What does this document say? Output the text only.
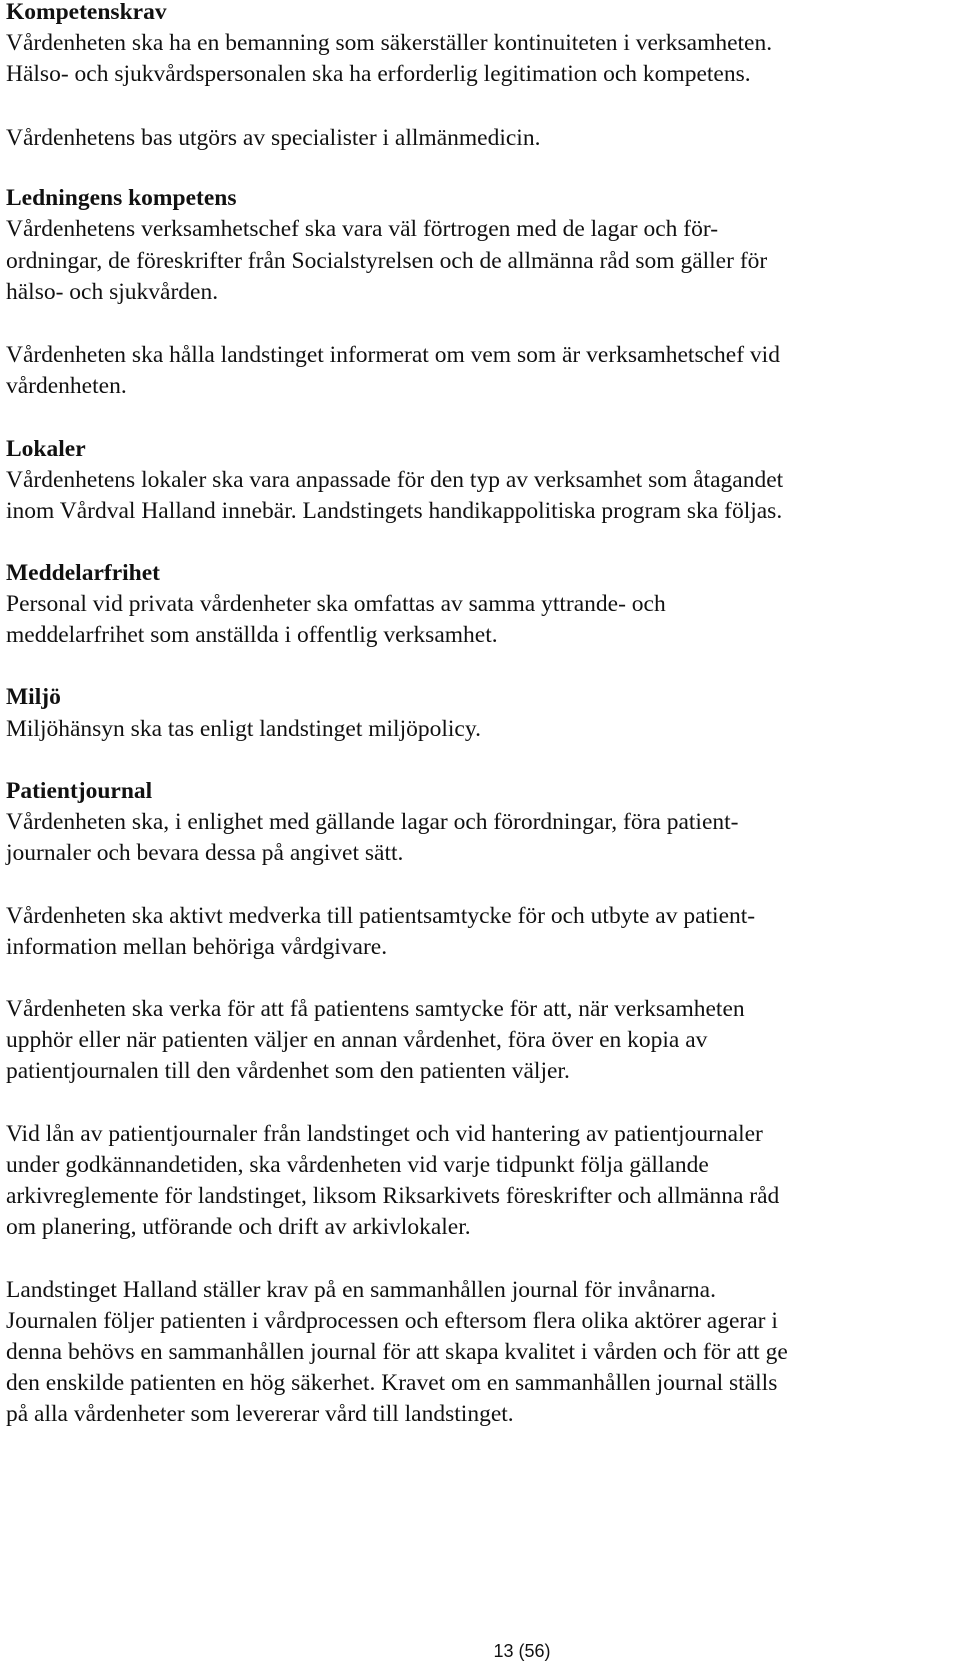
Kompetenskrav
Vårdenheten ska ha en bemanning som säkerställer kontinuiteten i verksamheten.
Hälso- och sjukvårdspersonalen ska ha erforderlig legitimation och kompetens.
Vårdenhetens bas utgörs av specialister i allmänmedicin.
Ledningens kompetens
Vårdenhetens verksamhetschef ska vara väl förtrogen med de lagar och för-
ordningar, de föreskrifter från Socialstyrelsen och de allmänna råd som gäller för
hälso- och sjukvården.
Vårdenheten ska hålla landstinget informerat om vem som är verksamhetschef vid
vårdenheten.
Lokaler
Vårdenhetens lokaler ska vara anpassade för den typ av verksamhet som åtagandet
inom Vårdval Halland innebär. Landstingets handikappolitiska program ska följas.
Meddelarfrihet
Personal vid privata vårdenheter ska omfattas av samma yttrande- och
meddelarfrihet som anställda i offentlig verksamhet.
Miljö
Miljöhänsyn ska tas enligt landstinget miljöpolicy.
Patientjournal
Vårdenheten ska, i enlighet med gällande lagar och förordningar, föra patient-
journaler och bevara dessa på angivet sätt.
Vårdenheten ska aktivt medverka till patientsamtycke för och utbyte av patient-
information mellan behöriga vårdgivare.
Vårdenheten ska verka för att få patientens samtycke för att, när verksamheten
upphör eller när patienten väljer en annan vårdenhet, föra över en kopia av
patientjournalen till den vårdenhet som den patienten väljer.
Vid lån av patientjournaler från landstinget och vid hantering av patientjournaler
under godkännandetiden, ska vårdenheten vid varje tidpunkt följa gällande
arkivreglemente för landstinget, liksom Riksarkivets föreskrifter och allmänna råd
om planering, utförande och drift av arkivlokaler.
Landstinget Halland ställer krav på en sammanhållen journal för invånarna.
Journalen följer patienten i vårdprocessen och eftersom flera olika aktörer agerar i
denna behövs en sammanhållen journal för att skapa kvalitet i vården och för att ge
den enskilde patienten en hög säkerhet. Kravet om en sammanhållen journal ställs
på alla vårdenheter som levererar vård till landstinget.
13 (56)
